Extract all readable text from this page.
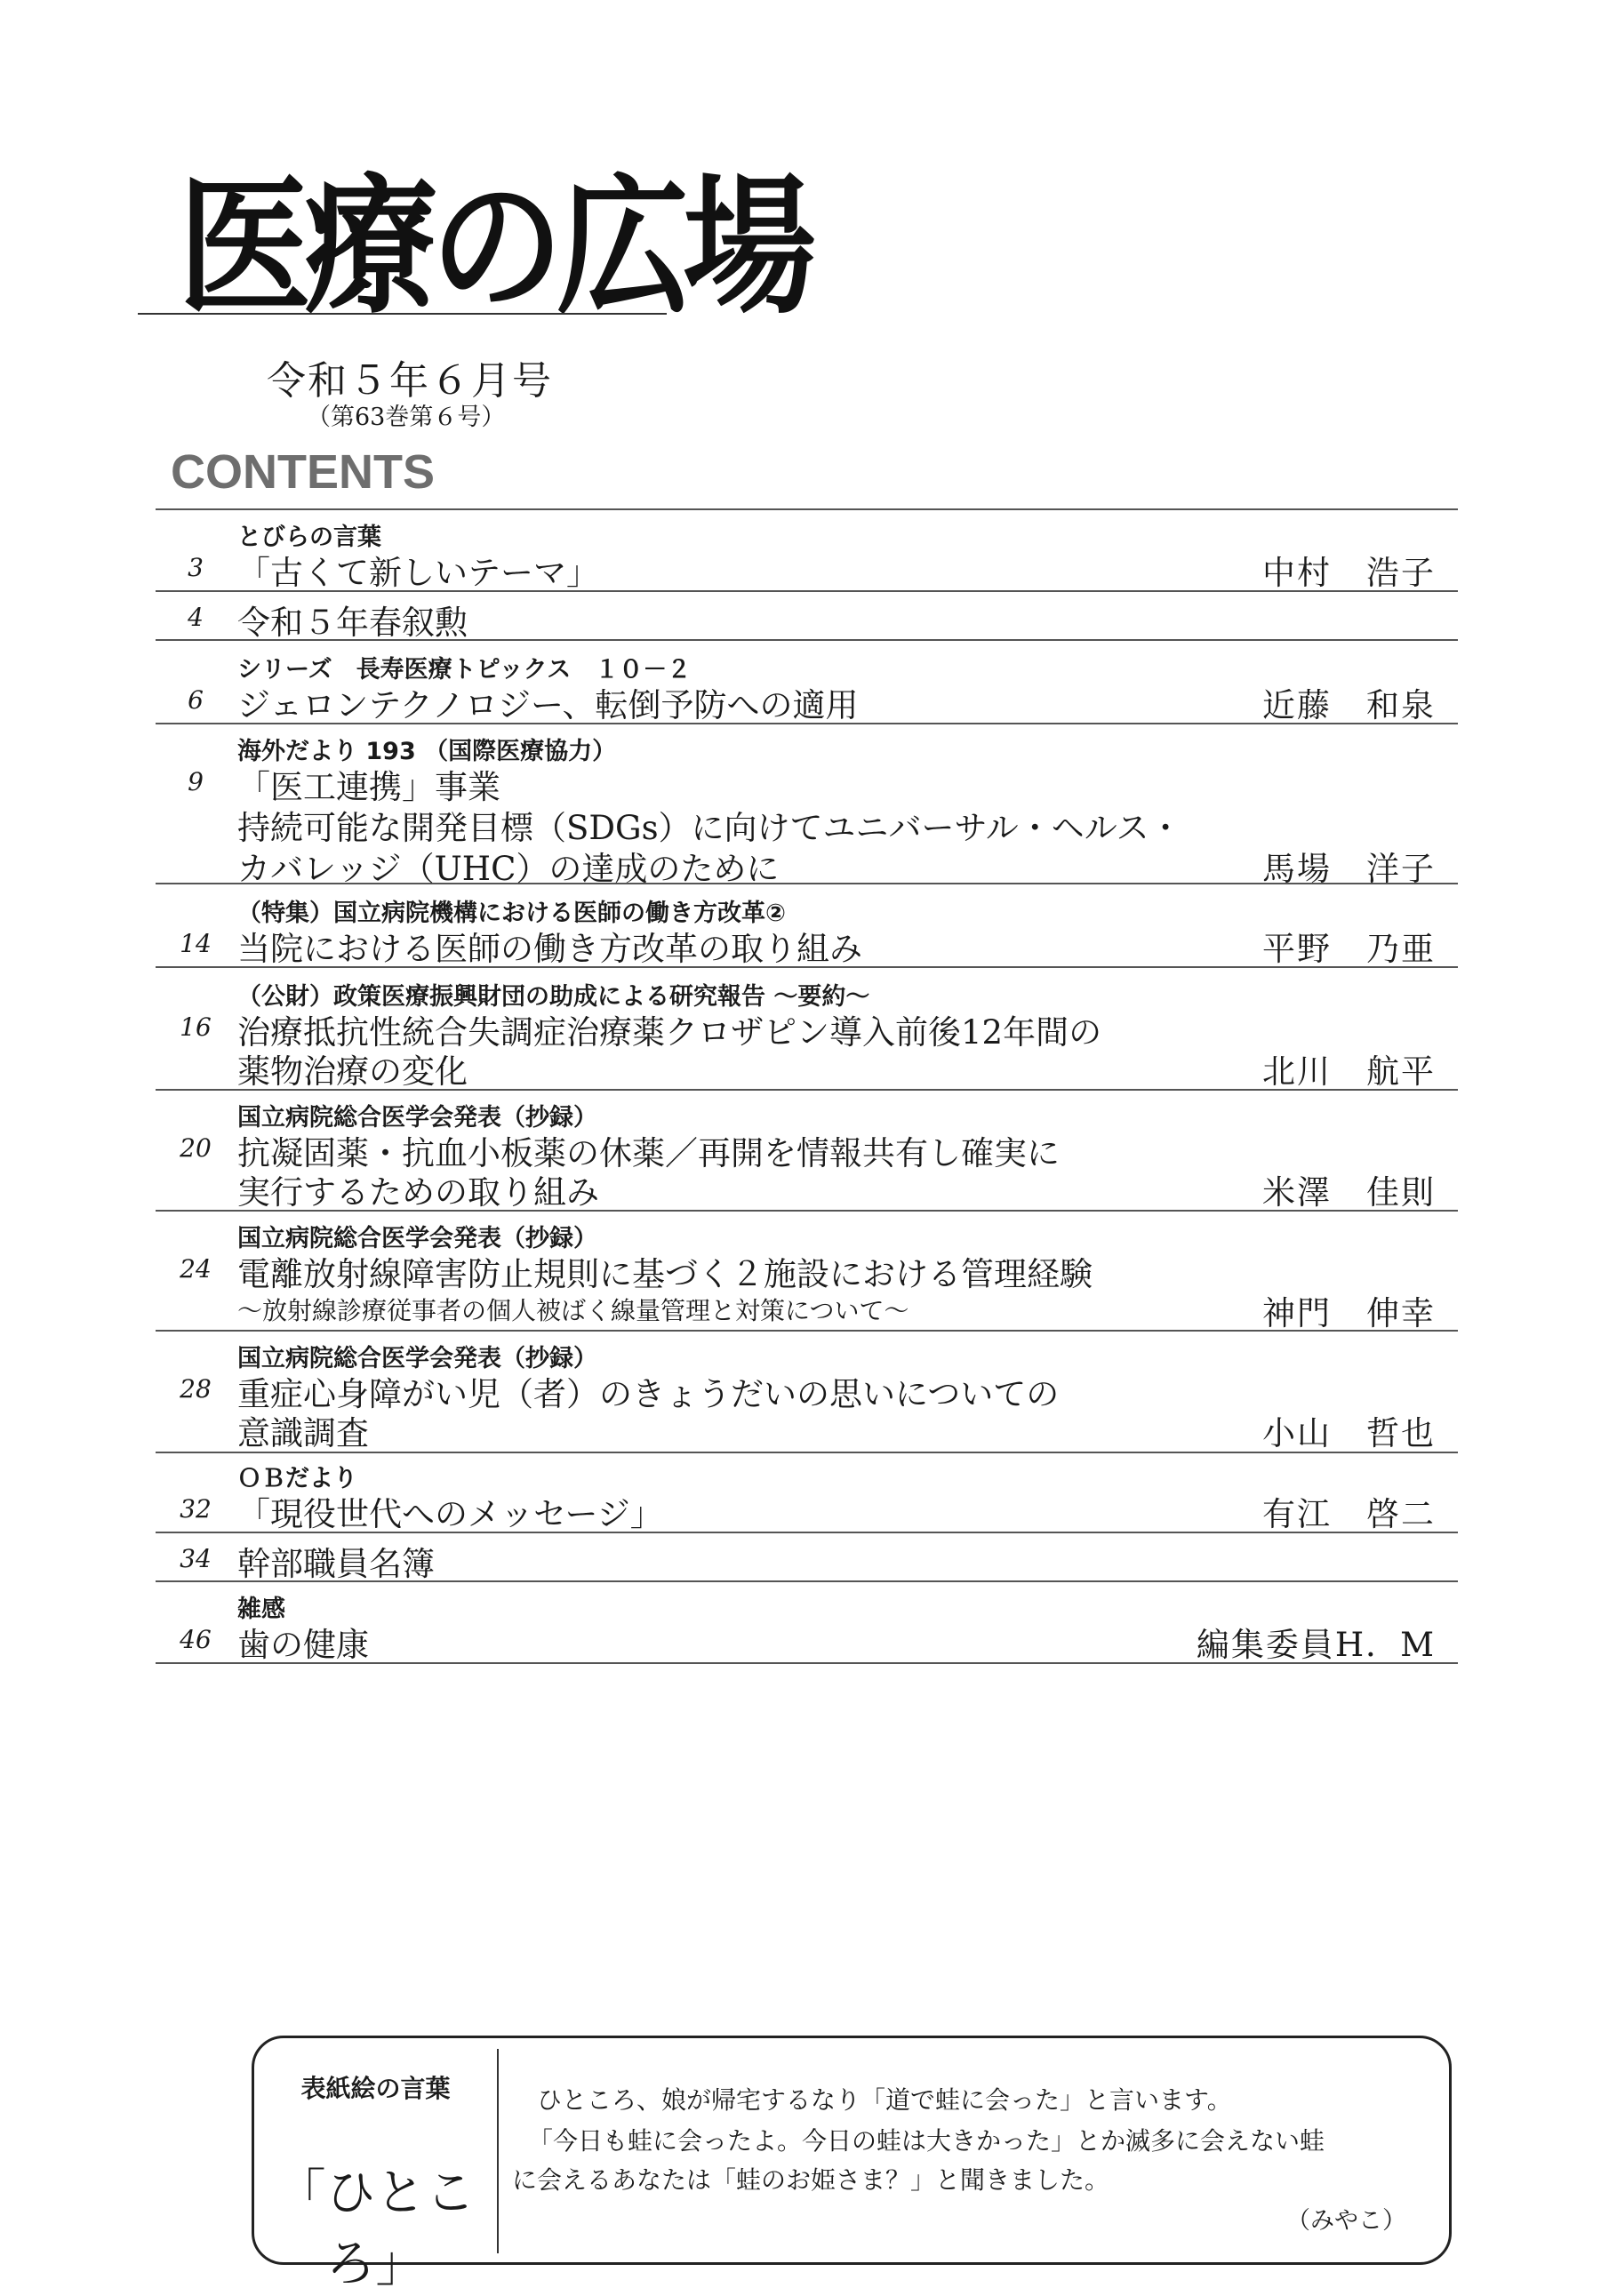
医療の広場
令和５年６月号
（第63巻第６号）
CONTENTS
とびらの言葉
3	「古くて新しいテーマ」	中村　浩子
4	令和５年春叙勲
シリーズ　長寿医療トピックス　１０－２
6	ジェロンテクノロジー、転倒予防への適用	近藤　和泉
海外だより 193 （国際医療協力）
9	「医工連携」事業
持続可能な開発目標（SDGs）に向けてユニバーサル・ヘルス・
カバレッジ（UHC）の達成のために	馬場　洋子
（特集）国立病院機構における医師の働き方改革②
14 当院における医師の働き方改革の取り組み	平野　乃亜
（公財）政策医療振興財団の助成による研究報告 ～要約～
16 治療抵抗性統合失調症治療薬クロザピン導入前後12年間の
薬物治療の変化	北川　航平
国立病院総合医学会発表（抄録）
20 抗凝固薬・抗血小板薬の休薬／再開を情報共有し確実に
実行するための取り組み	米澤　佳則
国立病院総合医学会発表（抄録）
24 電離放射線障害防止規則に基づく２施設における管理経験
～放射線診療従事者の個人被ばく線量管理と対策について～	神門　伸幸
国立病院総合医学会発表（抄録）
28 重症心身障がい児（者）のきょうだいの思いについての
意識調査	小山　哲也
ＯＢだより
32 「現役世代へのメッセージ」	有江　啓二
34 幹部職員名簿
雑感
46 歯の健康	編集委員H．M
表紙絵の言葉
「ひところ」
ひところ、娘が帰宅するなり「道で蛙に会った」と言います。
「今日も蛙に会ったよ。今日の蛙は大きかった」とか滅多に会えない蛙
に会えるあなたは「蛙のお姫さま？」と聞きました。
（みやこ）
